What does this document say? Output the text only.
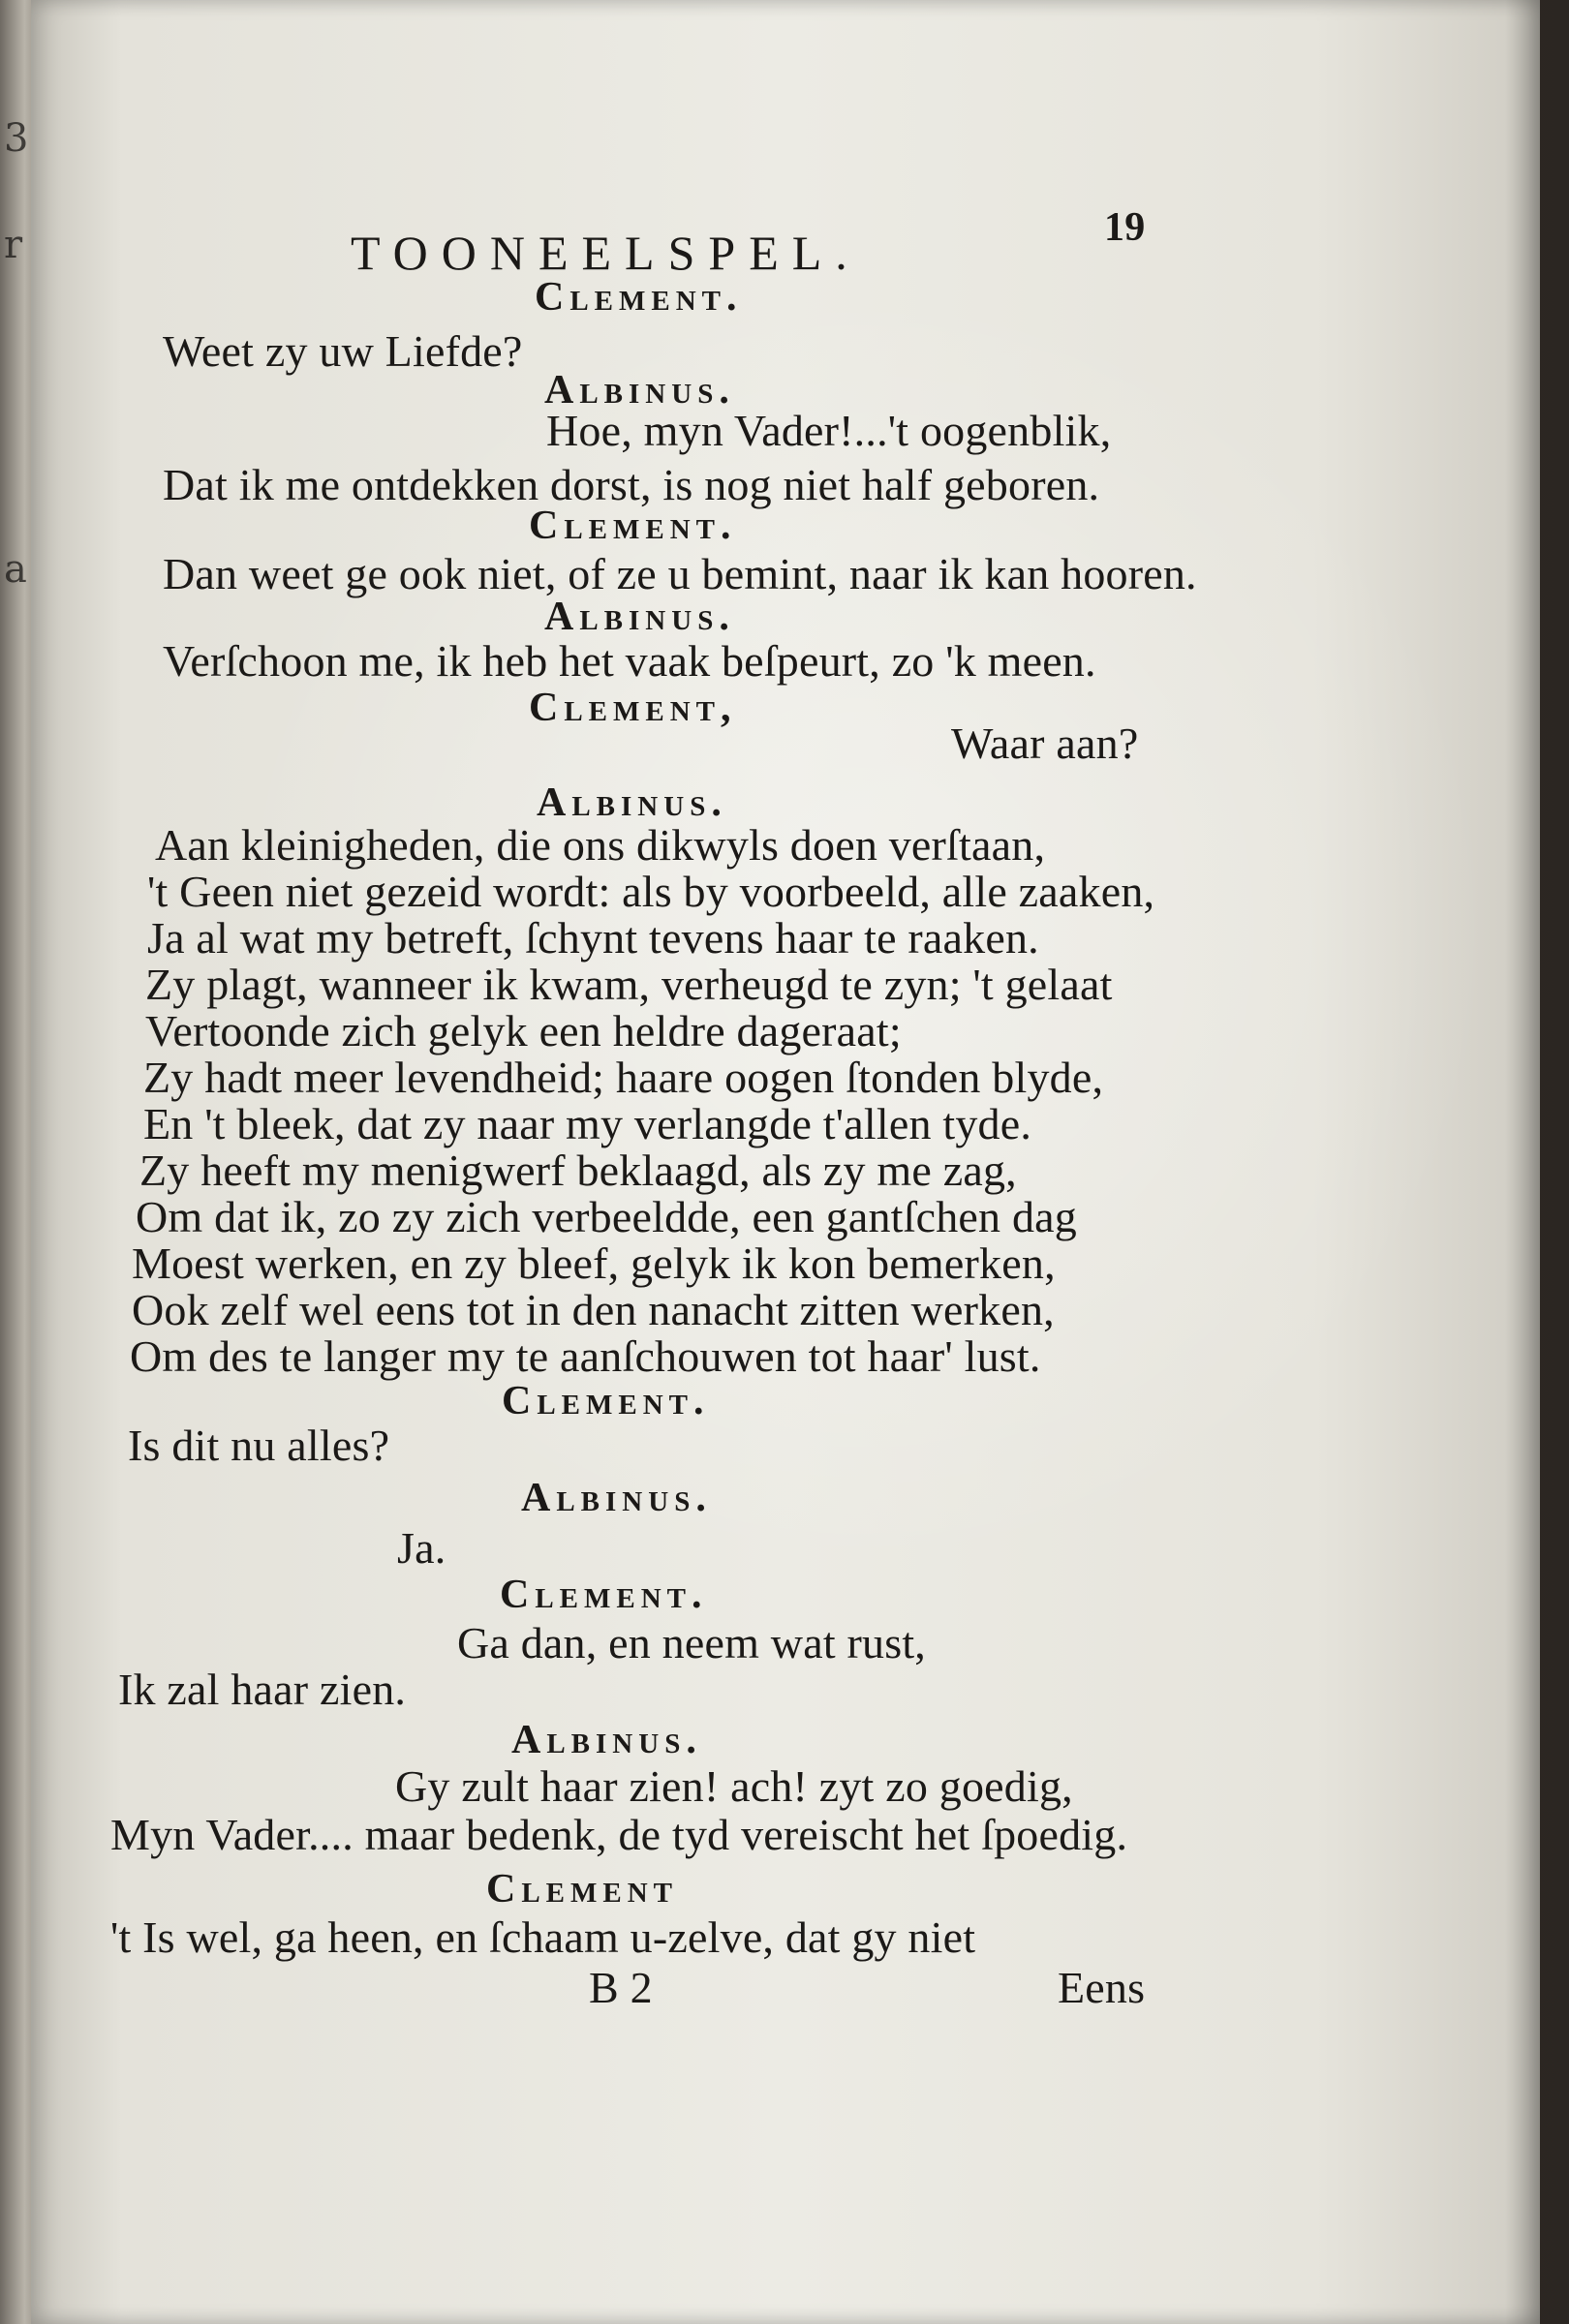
3
r
a

TOONEELSPEL.	19

Clement.

Weet zy uw Liefde?

Albinus.

Hoe, myn Vader!...'t oogenblik,

Dat ik me ontdekken dorst, is nog niet half geboren.

Clement.

Dan weet ge ook niet, of ze u bemint, naar ik kan hooren.

Albinus.

Verſchoon me, ik heb het vaak beſpeurt, zo 'k meen.

Clement,

Waar aan?

Albinus.

Aan kleinigheden, die ons dikwyls doen verſtaan,

't Geen niet gezeid wordt: als by voorbeeld, alle zaaken,

Ja al wat my betreft, ſchynt tevens haar te raaken.

Zy plagt, wanneer ik kwam, verheugd te zyn; 't gelaat

Vertoonde zich gelyk een heldre dageraat;

Zy hadt meer levendheid; haare oogen ſtonden blyde,

En 't bleek, dat zy naar my verlangde t'allen tyde.

Zy heeft my menigwerf beklaagd, als zy me zag,

Om dat ik, zo zy zich verbeeldde, een gantſchen dag

Moest werken, en zy bleef, gelyk ik kon bemerken,

Ook zelf wel eens tot in den nanacht zitten werken,

Om des te langer my te aanſchouwen tot haar' lust.

Clement.

Is dit nu alles?

Albinus.

Ja.

Clement.

Ga dan, en neem wat rust,

Ik zal haar zien.

Albinus.

Gy zult haar zien! ach! zyt zo goedig,

Myn Vader.... maar bedenk, de tyd vereischt het ſpoedig.

Clement

't Is wel, ga heen, en ſchaam u-zelve, dat gy niet

B 2	Eens
